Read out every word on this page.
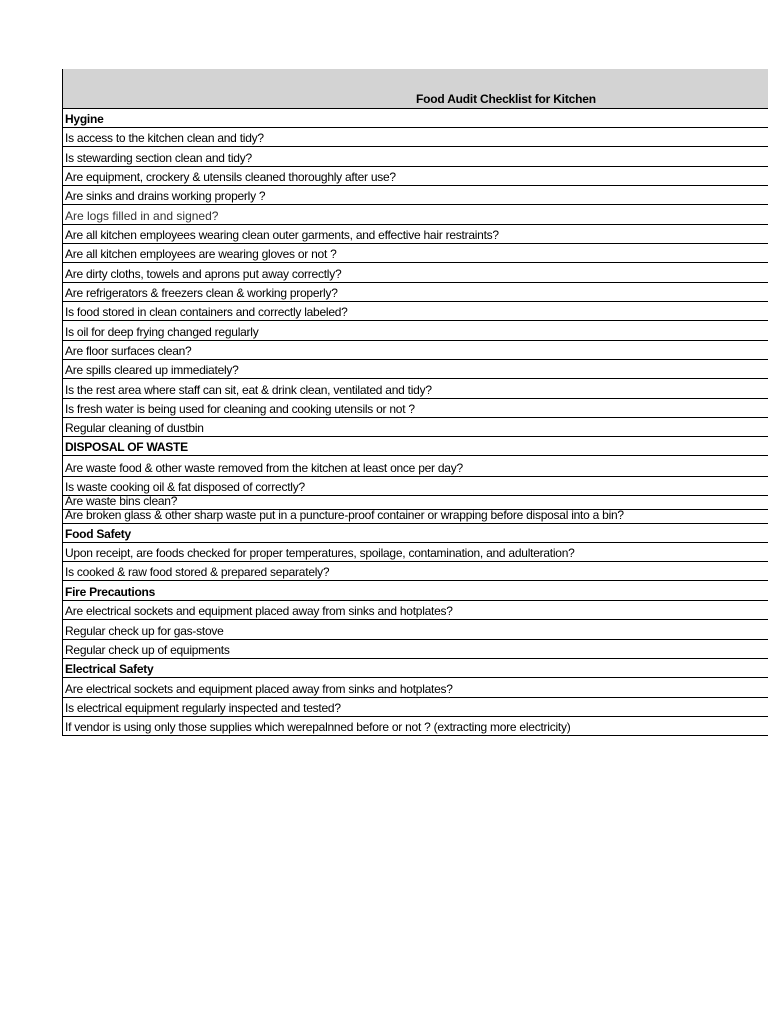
Food Audit Checklist for Kitchen
Hygine
Is access to the kitchen clean and tidy?
Is stewarding section clean and tidy?
Are equipment, crockery & utensils cleaned thoroughly after use?
Are sinks and drains working properly ?
Are logs filled in and signed?
Are all kitchen employees wearing clean outer garments, and effective hair restraints?
Are all kitchen employees are wearing gloves or not ?
Are dirty cloths, towels and aprons put away correctly?
Are refrigerators & freezers clean & working properly?
Is food stored in clean containers and correctly labeled?
Is oil for deep frying changed regularly
Are floor surfaces clean?
Are spills cleared up immediately?
Is the rest area where staff can sit, eat & drink clean, ventilated and tidy?
Is fresh water is being used for cleaning and cooking utensils or not ?
Regular cleaning of dustbin
DISPOSAL OF WASTE
Are waste food & other waste removed from the kitchen at least once per day?
Is waste cooking oil & fat disposed of correctly?
Are waste bins clean?
Are broken glass & other sharp waste put in a puncture-proof container or wrapping before disposal into a bin?
Food Safety
Upon receipt, are foods checked for proper temperatures, spoilage, contamination, and adulteration?
Is cooked & raw food stored & prepared separately?
Fire Precautions
Are electrical sockets and equipment placed away from sinks and hotplates?
Regular check up for gas-stove
Regular check up of equipments
Electrical Safety
Are electrical sockets and equipment placed away from sinks and hotplates?
Is electrical equipment regularly inspected and tested?
If vendor is using only those supplies which werepalnned before or not ? (extracting more electricity)
